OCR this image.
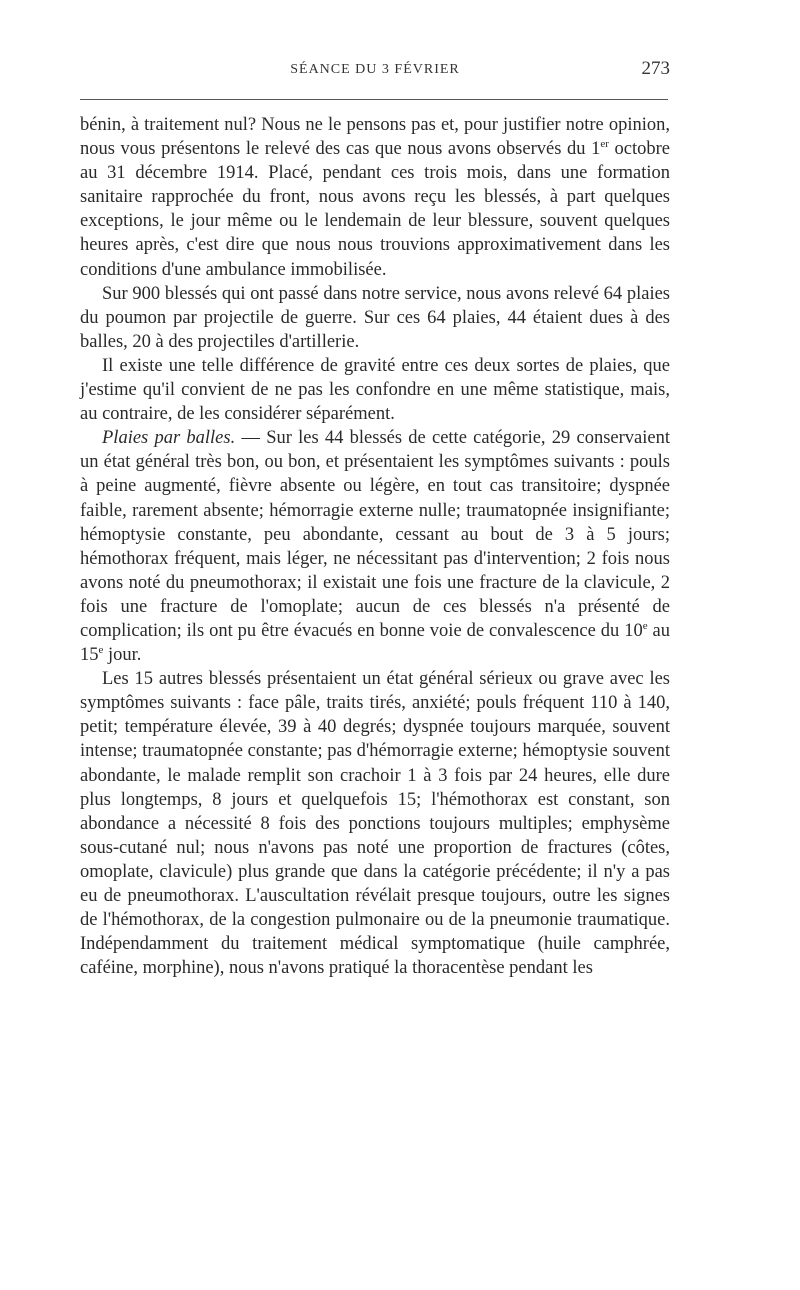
SÉANCE DU 3 FÉVRIER	273

bénin, à traitement nul? Nous ne le pensons pas et, pour justifier notre opinion, nous vous présentons le relevé des cas que nous avons observés du 1er octobre au 31 décembre 1914. Placé, pendant ces trois mois, dans une formation sanitaire rapprochée du front, nous avons reçu les blessés, à part quelques exceptions, le jour même ou le lendemain de leur blessure, souvent quelques heures après, c'est dire que nous nous trouvions approximativement dans les conditions d'une ambulance immobilisée.

Sur 900 blessés qui ont passé dans notre service, nous avons relevé 64 plaies du poumon par projectile de guerre. Sur ces 64 plaies, 44 étaient dues à des balles, 20 à des projectiles d'artillerie.

Il existe une telle différence de gravité entre ces deux sortes de plaies, que j'estime qu'il convient de ne pas les confondre en une même statistique, mais, au contraire, de les considérer séparément.

Plaies par balles. — Sur les 44 blessés de cette catégorie, 29 conservaient un état général très bon, ou bon, et présentaient les symptômes suivants : pouls à peine augmenté, fièvre absente ou légère, en tout cas transitoire; dyspnée faible, rarement absente; hémorragie externe nulle; traumatopnée insignifiante; hémoptysie constante, peu abondante, cessant au bout de 3 à 5 jours; hémothorax fréquent, mais léger, ne nécessitant pas d'intervention; 2 fois nous avons noté du pneumothorax; il existait une fois une fracture de la clavicule, 2 fois une fracture de l'omoplate; aucun de ces blessés n'a présenté de complication; ils ont pu être évacués en bonne voie de convalescence du 10e au 15e jour.

Les 15 autres blessés présentaient un état général sérieux ou grave avec les symptômes suivants : face pâle, traits tirés, anxiété; pouls fréquent 110 à 140, petit; température élevée, 39 à 40 degrés; dyspnée toujours marquée, souvent intense; traumatopnée constante; pas d'hémorragie externe; hémoptysie souvent abondante, le malade remplit son crachoir 1 à 3 fois par 24 heures, elle dure plus longtemps, 8 jours et quelquefois 15; l'hémothorax est constant, son abondance a nécessité 8 fois des ponctions toujours multiples; emphysème sous-cutané nul; nous n'avons pas noté une proportion de fractures (côtes, omoplate, clavicule) plus grande que dans la catégorie précédente; il n'y a pas eu de pneumothorax. L'auscultation révélait presque toujours, outre les signes de l'hémothorax, de la congestion pulmonaire ou de la pneumonie traumatique. Indépendamment du traitement médical symptomatique (huile camphrée, caféine, morphine), nous n'avons pratiqué la thoracentèse pendant les
